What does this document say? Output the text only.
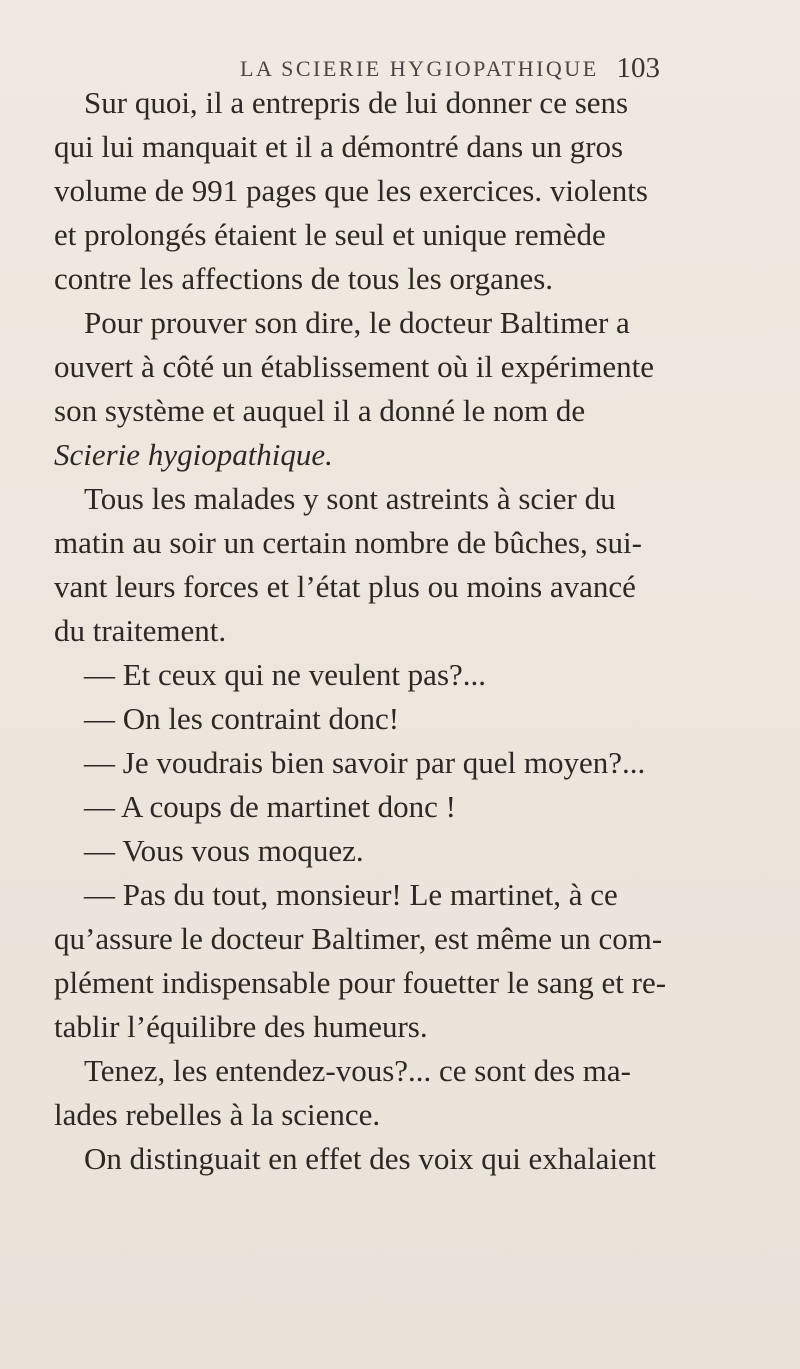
LA SCIERIE HYGIOPATHIQUE 103
Sur quoi, il a entrepris de lui donner ce sens
qui lui manquait et il a démontré dans un gros
volume de 991 pages que les exercices. violents
et prolongés étaient le seul et unique remède
contre les affections de tous les organes.
Pour prouver son dire, le docteur Baltimer a
ouvert à côté un établissement où il expérimente
son système et auquel il a donné le nom de
Scierie hygiopathique.
Tous les malades y sont astreints à scier du
matin au soir un certain nombre de bûches, sui-
vant leurs forces et l’état plus ou moins avancé
du traitement.
— Et ceux qui ne veulent pas?...
— On les contraint donc!
— Je voudrais bien savoir par quel moyen?...
— A coups de martinet donc !
— Vous vous moquez.
— Pas du tout, monsieur! Le martinet, à ce
qu’assure le docteur Baltimer, est même un com-
plément indispensable pour fouetter le sang et re-
tablir l’équilibre des humeurs.
Tenez, les entendez-vous?... ce sont des ma-
lades rebelles à la science.
On distinguait en effet des voix qui exhalaient
